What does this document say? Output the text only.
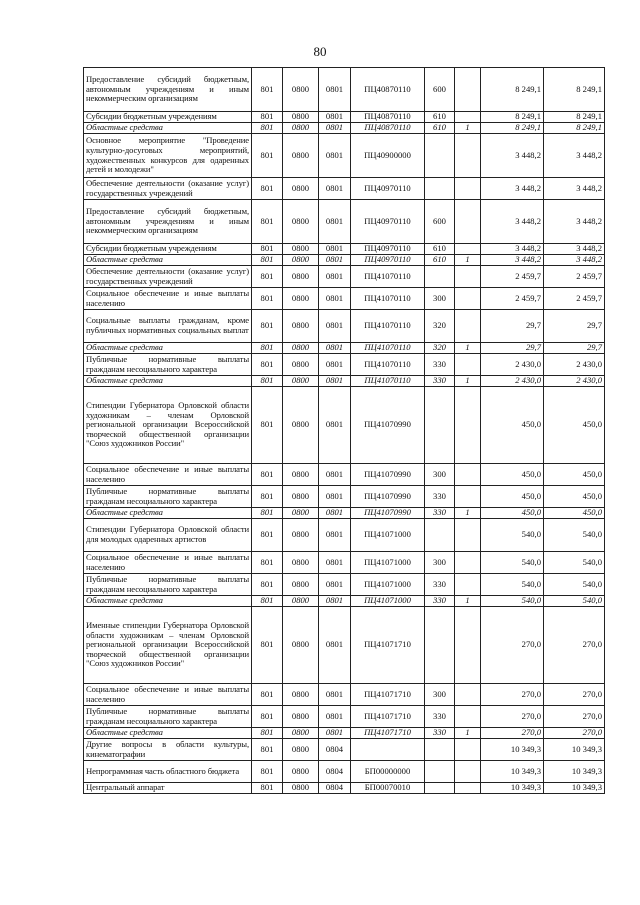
80
Предоставление субсидий бюджетным, автономным учреждениям и иным некоммерческим организациям	801	0800	0801	ПЦ40870110	600		8 249,1	8 249,1
Субсидии бюджетным учреждениям	801	0800	0801	ПЦ40870110	610		8 249,1	8 249,1
Областные средства	801	0800	0801	ПЦ40870110	610	1	8 249,1	8 249,1
Основное мероприятие "Проведение культурно-досуговых мероприятий, художественных конкурсов для одаренных детей и молодежи"	801	0800	0801	ПЦ40900000			3 448,2	3 448,2
Обеспечение деятельности (оказание услуг) государственных учреждений	801	0800	0801	ПЦ40970110			3 448,2	3 448,2
Предоставление субсидий бюджетным, автономным учреждениям и иным некоммерческим организациям	801	0800	0801	ПЦ40970110	600		3 448,2	3 448,2
Субсидии бюджетным учреждениям	801	0800	0801	ПЦ40970110	610		3 448,2	3 448,2
Областные средства	801	0800	0801	ПЦ40970110	610	1	3 448,2	3 448,2
Обеспечение деятельности (оказание услуг) государственных учреждений	801	0800	0801	ПЦ41070110			2 459,7	2 459,7
Социальное обеспечение и иные выплаты населению	801	0800	0801	ПЦ41070110	300		2 459,7	2 459,7
Социальные выплаты гражданам, кроме публичных нормативных социальных выплат	801	0800	0801	ПЦ41070110	320		29,7	29,7
Областные средства	801	0800	0801	ПЦ41070110	320	1	29,7	29,7
Публичные нормативные выплаты гражданам несоциального характера	801	0800	0801	ПЦ41070110	330		2 430,0	2 430,0
Областные средства	801	0800	0801	ПЦ41070110	330	1	2 430,0	2 430,0
Стипендии Губернатора Орловской области художникам – членам Орловской региональной организации Всероссийской творческой общественной организации "Союз художников России"	801	0800	0801	ПЦ41070990			450,0	450,0
Социальное обеспечение и иные выплаты населению	801	0800	0801	ПЦ41070990	300		450,0	450,0
Публичные нормативные выплаты гражданам несоциального характера	801	0800	0801	ПЦ41070990	330		450,0	450,0
Областные средства	801	0800	0801	ПЦ41070990	330	1	450,0	450,0
Стипендии Губернатора Орловской области для молодых одаренных артистов	801	0800	0801	ПЦ41071000			540,0	540,0
Социальное обеспечение и иные выплаты населению	801	0800	0801	ПЦ41071000	300		540,0	540,0
Публичные нормативные выплаты гражданам несоциального характера	801	0800	0801	ПЦ41071000	330		540,0	540,0
Областные средства	801	0800	0801	ПЦ41071000	330	1	540,0	540,0
Именные стипендии Губернатора Орловской области художникам – членам Орловской региональной организации Всероссийской творческой общественной организации "Союз художников России"	801	0800	0801	ПЦ41071710			270,0	270,0
Социальное обеспечение и иные выплаты населению	801	0800	0801	ПЦ41071710	300		270,0	270,0
Публичные нормативные выплаты гражданам несоциального характера	801	0800	0801	ПЦ41071710	330		270,0	270,0
Областные средства	801	0800	0801	ПЦ41071710	330	1	270,0	270,0
Другие вопросы в области культуры, кинематографии	801	0800	0804				10 349,3	10 349,3
Непрограммная часть областного бюджета	801	0800	0804	БП00000000			10 349,3	10 349,3
Центральный аппарат	801	0800	0804	БП00070010			10 349,3	10 349,3
